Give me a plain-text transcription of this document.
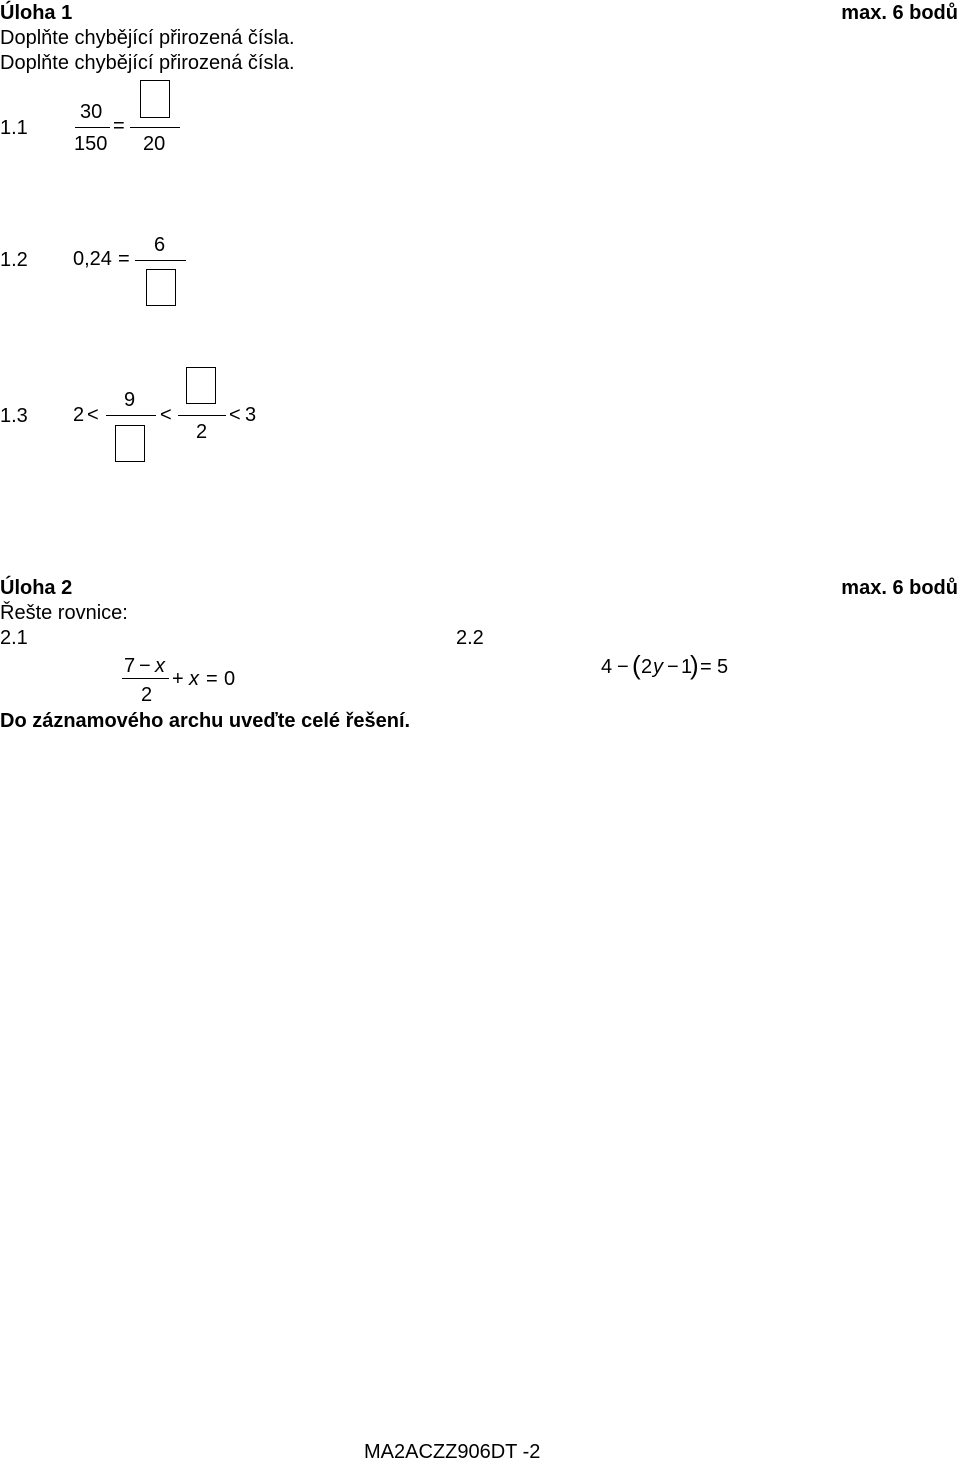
Úloha 1	max. 6 bodů
Doplňte chybějící přirozená čísla.
Doplňte chybějící přirozená čísla.
1.1
30
150
=
20
1.2 0,24 =
6
1.3 2 <
9
<
2
< 3
Úloha 2	max. 6 bodů
Řešte rovnice:
2.1
7 − x
2
+ x = 0
2.2
4 − ( 2 y − 1
) = 5
Do záznamového archu uveďte celé řešení.
MA2ACZZ906DT -2
